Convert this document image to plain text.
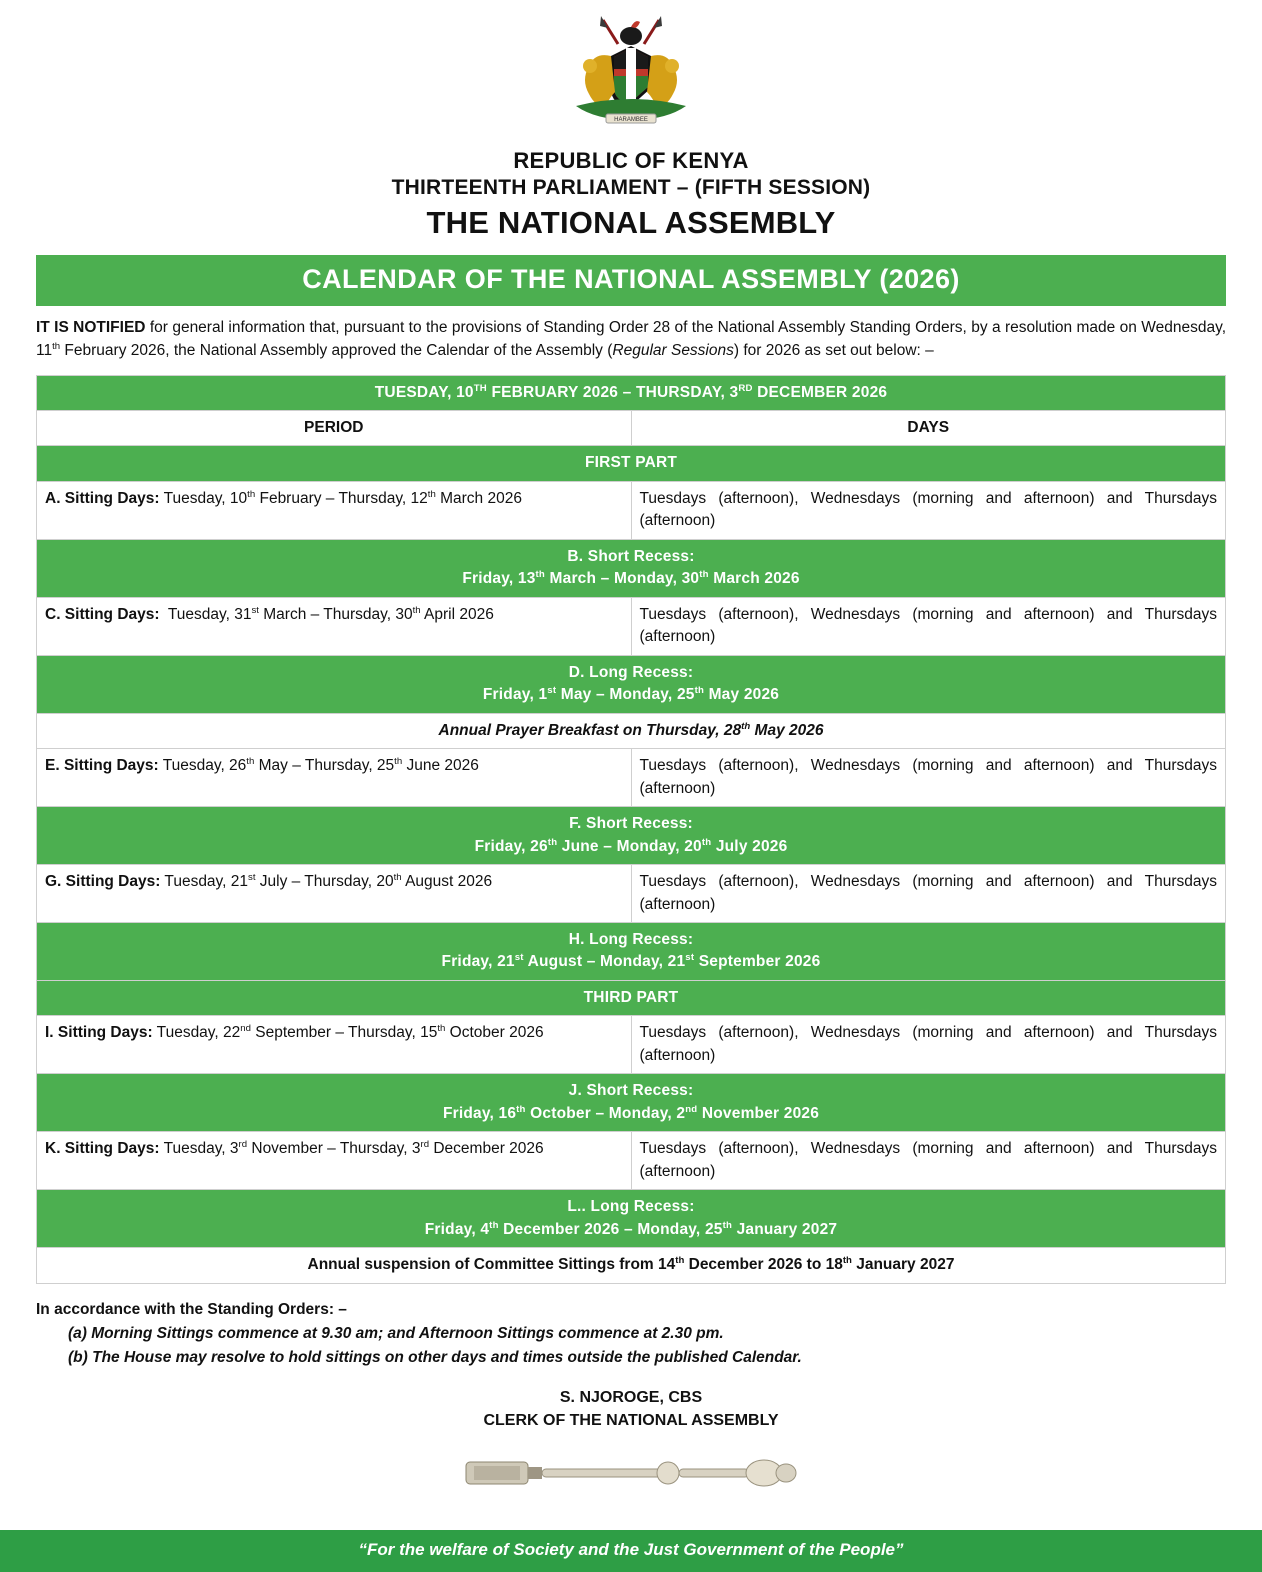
HARAMBEE
REPUBLIC OF KENYA
THIRTEENTH PARLIAMENT – (FIFTH SESSION)
THE NATIONAL ASSEMBLY
CALENDAR OF THE NATIONAL ASSEMBLY (2026)
IT IS NOTIFIED for general information that, pursuant to the provisions of Standing Order 28 of the National Assembly Standing Orders, by a resolution made on Wednesday, 11th February 2026, the National Assembly approved the Calendar of the Assembly (Regular Sessions) for 2026 as set out below: –
TUESDAY, 10TH FEBRUARY 2026 – THURSDAY, 3RD DECEMBER 2026	
PERIOD	DAYS
FIRST PART	
A. Sitting Days: Tuesday, 10th February – Thursday, 12th March 2026	Tuesdays (afternoon), Wednesdays (morning and afternoon) and Thursdays (afternoon)
B. Short Recess:
Friday, 13th March – Monday, 30th March 2026	
C. Sitting Days:  Tuesday, 31st March – Thursday, 30th April 2026	Tuesdays (afternoon), Wednesdays (morning and afternoon) and Thursdays (afternoon)
D. Long Recess:
Friday, 1st May – Monday, 25th May 2026	
Annual Prayer Breakfast on Thursday, 28th May 2026	
E. Sitting Days: Tuesday, 26th May – Thursday, 25th June 2026	Tuesdays (afternoon), Wednesdays (morning and afternoon) and Thursdays (afternoon)
F. Short Recess:
Friday, 26th June – Monday, 20th July 2026	
G. Sitting Days: Tuesday, 21st July – Thursday, 20th August 2026	Tuesdays (afternoon), Wednesdays (morning and afternoon) and Thursdays (afternoon)
H. Long Recess:
Friday, 21st August – Monday, 21st September 2026	
THIRD PART	
I. Sitting Days: Tuesday, 22nd September – Thursday, 15th October 2026	Tuesdays (afternoon), Wednesdays (morning and afternoon) and Thursdays (afternoon)
J. Short Recess:
Friday, 16th October – Monday, 2nd November 2026	
K. Sitting Days: Tuesday, 3rd November – Thursday, 3rd December 2026	Tuesdays (afternoon), Wednesdays (morning and afternoon) and Thursdays (afternoon)
L.. Long Recess:
Friday, 4th December 2026 – Monday, 25th January 2027	
Annual suspension of Committee Sittings from 14th December 2026 to 18th January 2027	
In accordance with the Standing Orders: –
(a) Morning Sittings commence at 9.30 am; and Afternoon Sittings commence at 2.30 pm.
(b) The House may resolve to hold sittings on other days and times outside the published Calendar.
S. NJOROGE, CBS
CLERK OF THE NATIONAL ASSEMBLY
“For the welfare of Society and the Just Government of the People”
